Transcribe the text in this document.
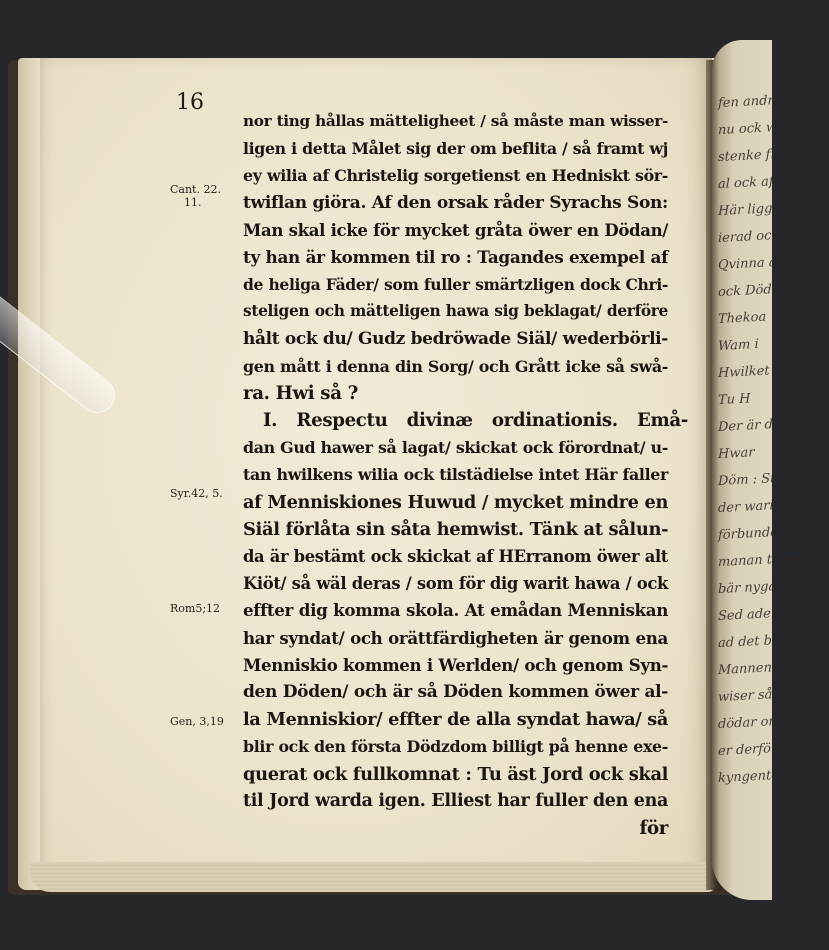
fen andra
nu ock wär
stenke fräter
al ock aftar
Här ligger
ierad ock nyrr
Qvinna af E
ock Dödat.
Thekoa
Wam i
Hwilket
Tu H
Der är det
Hwar
Döm : Stof
der warit har
förbundet
manan trowr
bär nyga
Sed ader
ad det bitter
Mannens H
wiser så har
dödar om tryggh
er derföre
kyngenter
16
Cant. 22.
11.
Syr.42, 5.
Rom5;12
Gen, 3,19
nor ting hållas mätteligheet / så måste man wisser-
ligen i detta Målet sig der om beflita / så framt wj
ey wilia af Christelig sorgetienst en Hedniskt sör-
twiflan giöra. Af den orsak råder Syrachs Son:
Man skal icke för mycket gråta öwer en Dödan/
ty han är kommen til ro : Tagandes exempel af
de heliga Fäder/ som fuller smärtzligen dock Chri-
steligen och mätteligen hawa sig beklagat/ derföre
hålt ock du/ Gudz bedröwade Siäl/ wederbörli-
gen mått i denna din Sorg/ och Grått icke så swå-
ra. Hwi så ?
I. Respectu divinæ ordinationis. Emå-
dan Gud hawer så lagat/ skickat ock förordnat/ u-
tan hwilkens wilia ock tilstädielse intet Här faller
af Menniskiones Huwud / mycket mindre en
Siäl förlåta sin såta hemwist. Tänk at sålun-
da är bestämt ock skickat af HErranom öwer alt
Kiöt/ så wäl deras / som för dig warit hawa / ock
effter dig komma skola. At emådan Menniskan
har syndat/ och orättfärdigheten är genom ena
Menniskio kommen i Werlden/ och genom Syn-
den Döden/ och är så Döden kommen öwer al-
la Menniskior/ effter de alla syndat hawa/ så
blir ock den första Dödzdom billigt på henne exe-
querat ock fullkomnat : Tu äst Jord ock skal
til Jord warda igen. Elliest har fuller den ena
för
